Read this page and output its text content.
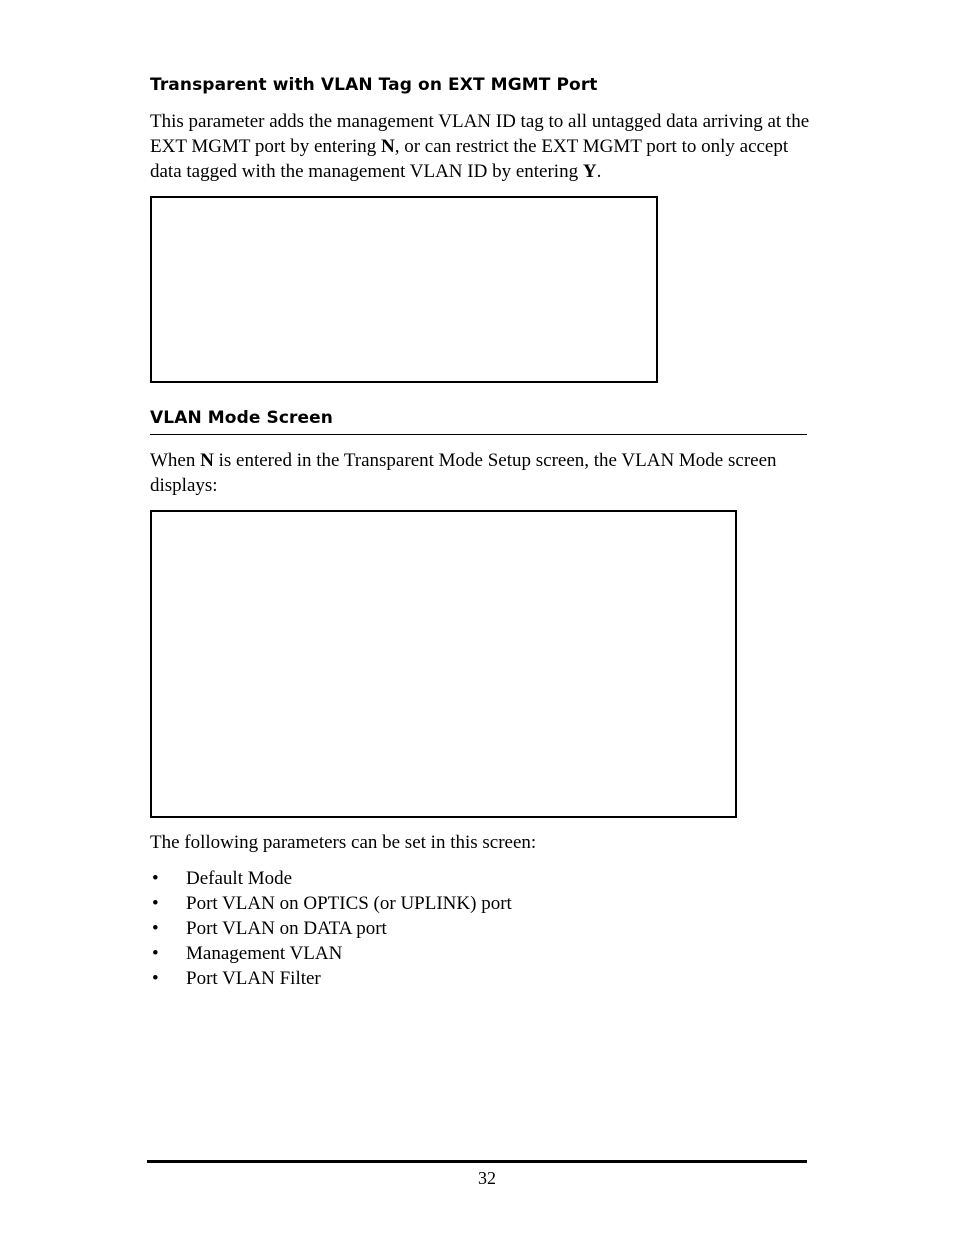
Transparent with VLAN Tag on EXT MGMT Port

This parameter adds the management VLAN ID tag to all untagged data arriving at the EXT MGMT port by entering N, or can restrict the EXT MGMT port to only accept data tagged with the management VLAN ID by entering Y.

VLAN Mode Screen

When N is entered in the Transparent Mode Setup screen, the VLAN Mode screen displays:

The following parameters can be set in this screen:

• Default Mode
• Port VLAN on OPTICS (or UPLINK) port
• Port VLAN on DATA port
• Management VLAN
• Port VLAN Filter
32
